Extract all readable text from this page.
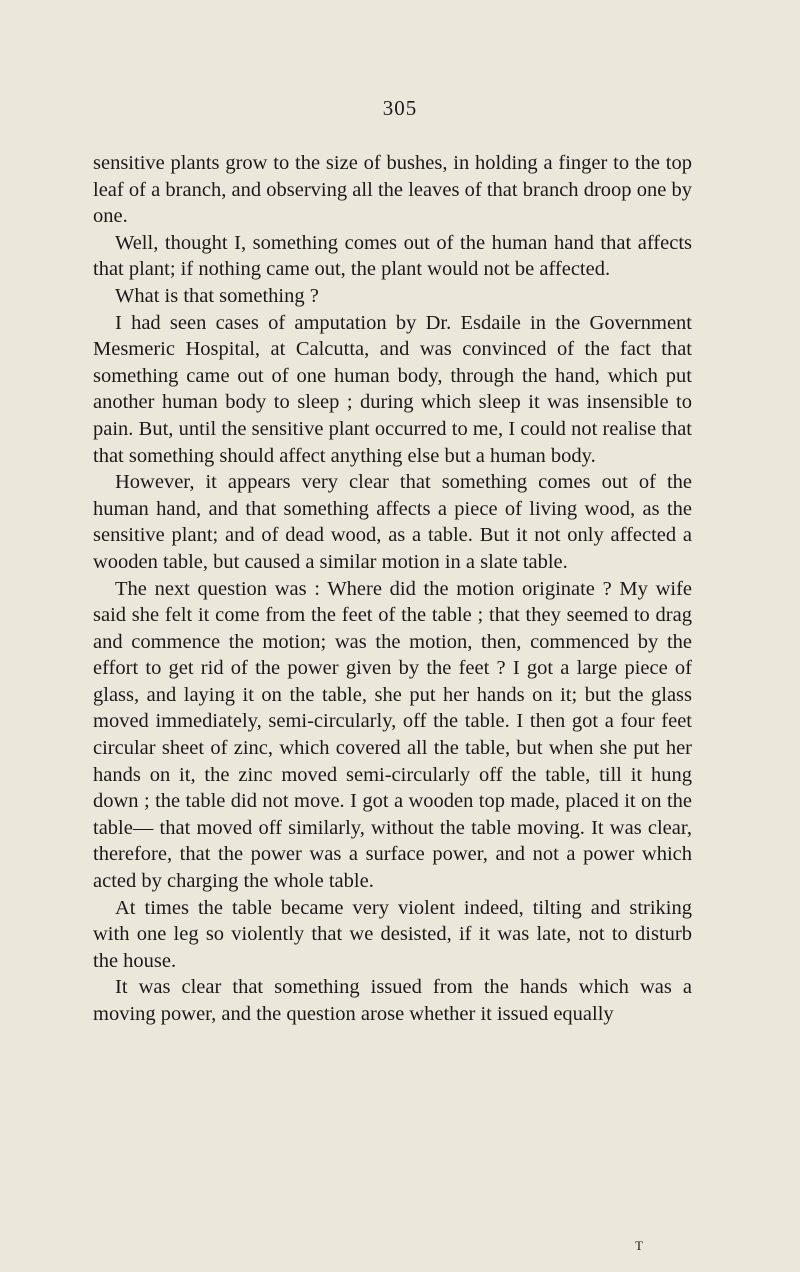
305

sensitive plants grow to the size of bushes, in holding a finger to the top leaf of a branch, and observing all the leaves of that branch droop one by one.

Well, thought I, something comes out of the human hand that affects that plant; if nothing came out, the plant would not be affected.

What is that something ?

I had seen cases of amputation by Dr. Esdaile in the Government Mesmeric Hospital, at Calcutta, and was convinced of the fact that something came out of one human body, through the hand, which put another human body to sleep ; during which sleep it was insensible to pain. But, until the sensitive plant occurred to me, I could not realise that that something should affect anything else but a human body.

However, it appears very clear that something comes out of the human hand, and that something affects a piece of living wood, as the sensitive plant; and of dead wood, as a table. But it not only affected a wooden table, but caused a similar motion in a slate table.

The next question was : Where did the motion originate ? My wife said she felt it come from the feet of the table ; that they seemed to drag and commence the motion; was the motion, then, commenced by the effort to get rid of the power given by the feet ? I got a large piece of glass, and laying it on the table, she put her hands on it; but the glass moved immediately, semi-circularly, off the table. I then got a four feet circular sheet of zinc, which covered all the table, but when she put her hands on it, the zinc moved semi-circularly off the table, till it hung down ; the table did not move. I got a wooden top made, placed it on the table— that moved off similarly, without the table moving. It was clear, therefore, that the power was a surface power, and not a power which acted by charging the whole table.

At times the table became very violent indeed, tilting and striking with one leg so violently that we desisted, if it was late, not to disturb the house.

It was clear that something issued from the hands which was a moving power, and the question arose whether it issued equally

T
